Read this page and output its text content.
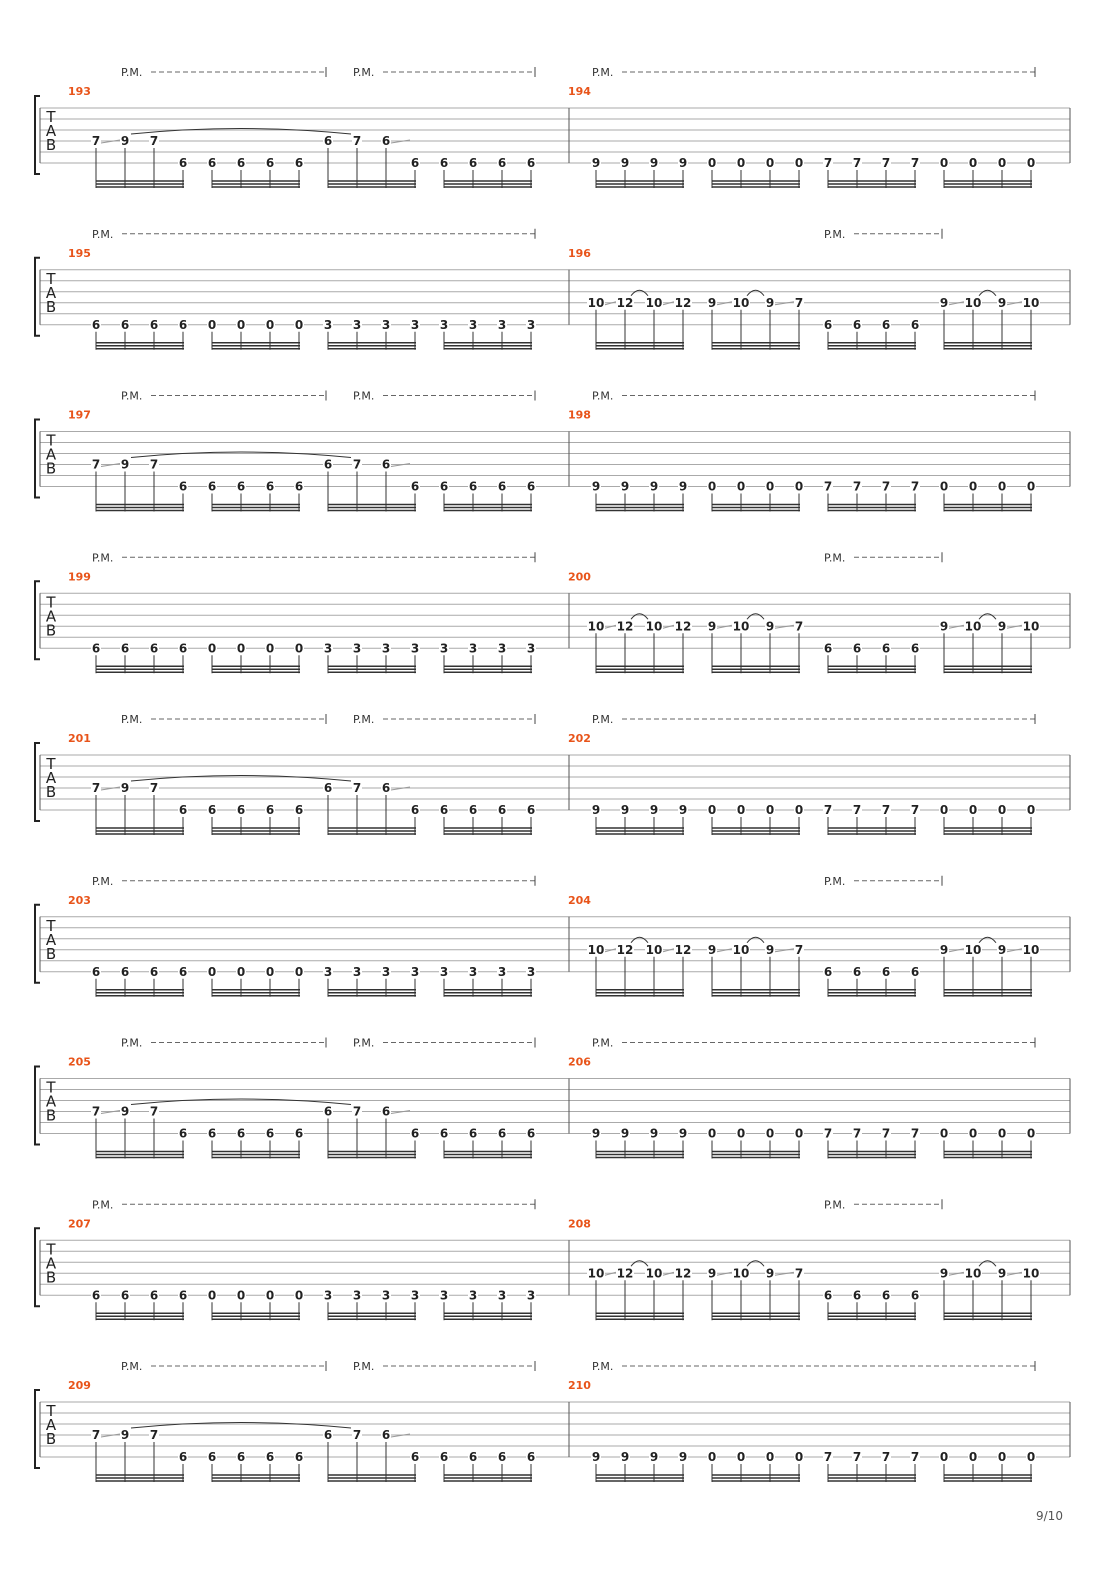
T
A
B
193
P.M.	P.M.
7 9 7
6 6 6 6 6
6 7 6
6 6 6 6 6
194
P.M.
9 9 9 9 0 0 0 0 7 7 7 7 0 0 0 0
T
A
B
195
P.M.
6 6 6 6 0 0 0 0 3 3 3 3 3 3 3 3
196
P.M.
10 12 10 12 9 10 9 7
6 6 6 6
9 10 9 10
T
A
B
197
P.M.	P.M.
7 9 7
6 6 6 6 6
6 7 6
6 6 6 6 6
198
P.M.
9 9 9 9 0 0 0 0 7 7 7 7 0 0 0 0
T
A
B
199
P.M.
6 6 6 6 0 0 0 0 3 3 3 3 3 3 3 3
200
P.M.
10 12 10 12 9 10 9 7
6 6 6 6
9 10 9 10
T
A
B
201
P.M.	P.M.
7 9 7
6 6 6 6 6
6 7 6
6 6 6 6 6
202
P.M.
9 9 9 9 0 0 0 0 7 7 7 7 0 0 0 0
T
A
B
203
P.M.
6 6 6 6 0 0 0 0 3 3 3 3 3 3 3 3
204
P.M.
10 12 10 12 9 10 9 7
6 6 6 6
9 10 9 10
T
A
B
205
P.M.	P.M.
7 9 7
6 6 6 6 6
6 7 6
6 6 6 6 6
206
P.M.
9 9 9 9 0 0 0 0 7 7 7 7 0 0 0 0
T
A
B
207
P.M.
6 6 6 6 0 0 0 0 3 3 3 3 3 3 3 3
208
P.M.
10 12 10 12 9 10 9 7
6 6 6 6
9 10 9 10
T
A
B
209
P.M.	P.M.
7 9 7
6 6 6 6 6
6 7 6
6 6 6 6 6
210
P.M.
9 9 9 9 0 0 0 0 7 7 7 7 0 0 0 0
9/10
